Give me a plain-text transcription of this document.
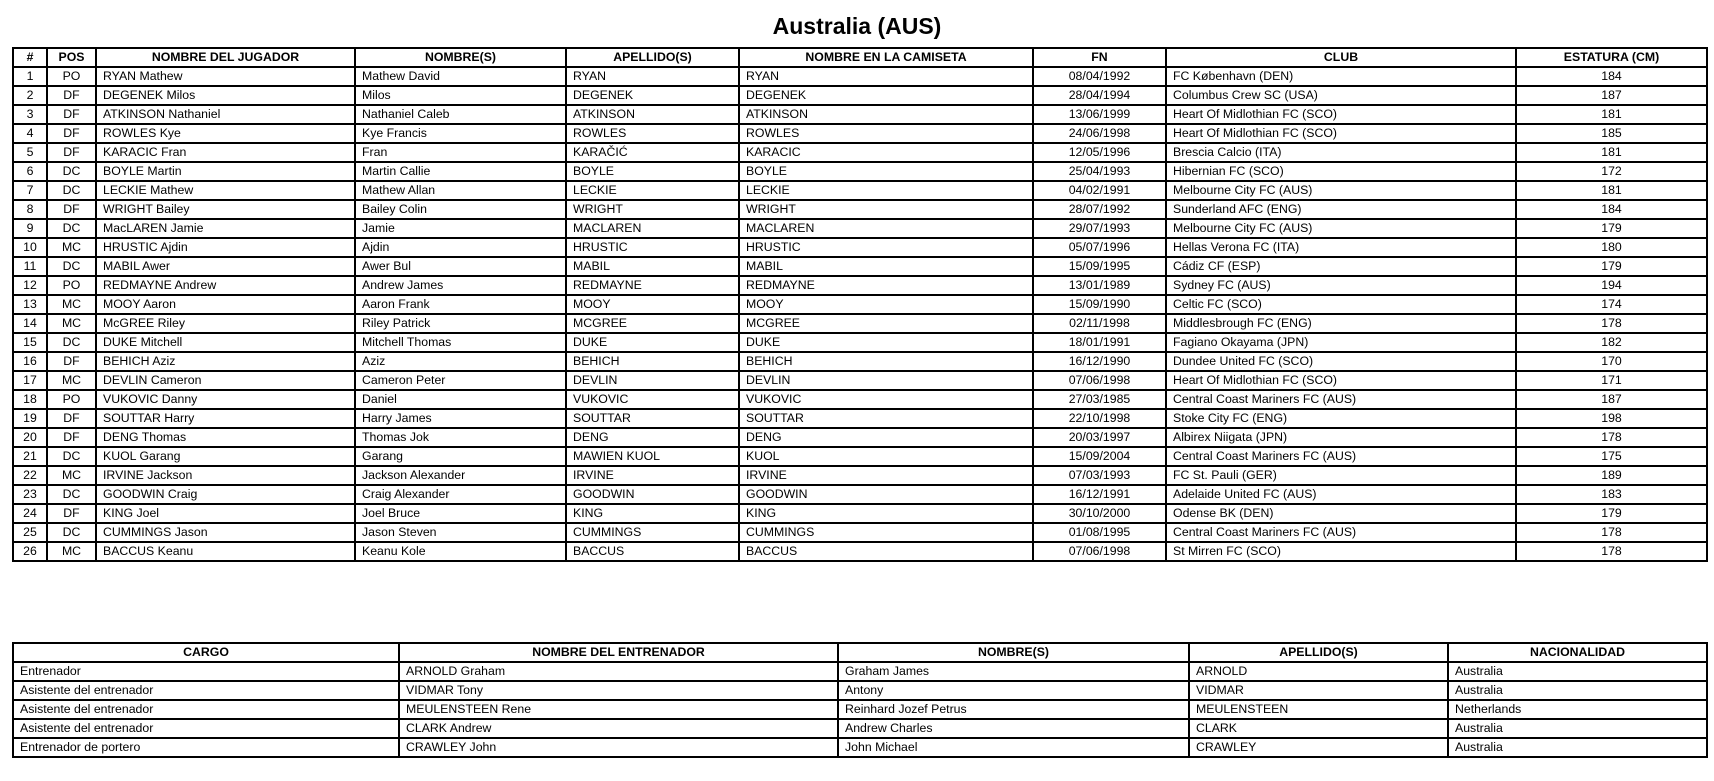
Australia (AUS)
#	POS	NOMBRE DEL JUGADOR	NOMBRE(S)	APELLIDO(S)	NOMBRE EN LA CAMISETA	FN	CLUB	ESTATURA (CM)
1	PO	RYAN Mathew	Mathew David	RYAN	RYAN	08/04/1992	FC København (DEN)	184
2	DF	DEGENEK Milos	Milos	DEGENEK	DEGENEK	28/04/1994	Columbus Crew SC (USA)	187
3	DF	ATKINSON Nathaniel	Nathaniel Caleb	ATKINSON	ATKINSON	13/06/1999	Heart Of Midlothian FC (SCO)	181
4	DF	ROWLES Kye	Kye Francis	ROWLES	ROWLES	24/06/1998	Heart Of Midlothian FC (SCO)	185
5	DF	KARACIC Fran	Fran	KARAČIĆ	KARACIC	12/05/1996	Brescia Calcio (ITA)	181
6	DC	BOYLE Martin	Martin Callie	BOYLE	BOYLE	25/04/1993	Hibernian FC (SCO)	172
7	DC	LECKIE Mathew	Mathew Allan	LECKIE	LECKIE	04/02/1991	Melbourne City FC (AUS)	181
8	DF	WRIGHT Bailey	Bailey Colin	WRIGHT	WRIGHT	28/07/1992	Sunderland AFC (ENG)	184
9	DC	MacLAREN Jamie	Jamie	MACLAREN	MACLAREN	29/07/1993	Melbourne City FC (AUS)	179
10	MC	HRUSTIC Ajdin	Ajdin	HRUSTIC	HRUSTIC	05/07/1996	Hellas Verona FC (ITA)	180
11	DC	MABIL Awer	Awer Bul	MABIL	MABIL	15/09/1995	Cádiz CF (ESP)	179
12	PO	REDMAYNE Andrew	Andrew James	REDMAYNE	REDMAYNE	13/01/1989	Sydney FC (AUS)	194
13	MC	MOOY Aaron	Aaron Frank	MOOY	MOOY	15/09/1990	Celtic FC (SCO)	174
14	MC	McGREE Riley	Riley Patrick	MCGREE	MCGREE	02/11/1998	Middlesbrough FC (ENG)	178
15	DC	DUKE Mitchell	Mitchell Thomas	DUKE	DUKE	18/01/1991	Fagiano Okayama (JPN)	182
16	DF	BEHICH Aziz	Aziz	BEHICH	BEHICH	16/12/1990	Dundee United FC (SCO)	170
17	MC	DEVLIN Cameron	Cameron Peter	DEVLIN	DEVLIN	07/06/1998	Heart Of Midlothian FC (SCO)	171
18	PO	VUKOVIC Danny	Daniel	VUKOVIC	VUKOVIC	27/03/1985	Central Coast Mariners FC (AUS)	187
19	DF	SOUTTAR Harry	Harry James	SOUTTAR	SOUTTAR	22/10/1998	Stoke City FC (ENG)	198
20	DF	DENG Thomas	Thomas Jok	DENG	DENG	20/03/1997	Albirex Niigata (JPN)	178
21	DC	KUOL Garang	Garang	MAWIEN KUOL	KUOL	15/09/2004	Central Coast Mariners FC (AUS)	175
22	MC	IRVINE Jackson	Jackson Alexander	IRVINE	IRVINE	07/03/1993	FC St. Pauli (GER)	189
23	DC	GOODWIN Craig	Craig Alexander	GOODWIN	GOODWIN	16/12/1991	Adelaide United FC (AUS)	183
24	DF	KING Joel	Joel Bruce	KING	KING	30/10/2000	Odense BK (DEN)	179
25	DC	CUMMINGS Jason	Jason Steven	CUMMINGS	CUMMINGS	01/08/1995	Central Coast Mariners FC (AUS)	178
26	MC	BACCUS Keanu	Keanu Kole	BACCUS	BACCUS	07/06/1998	St Mirren FC (SCO)	178
CARGO	NOMBRE DEL ENTRENADOR	NOMBRE(S)	APELLIDO(S)	NACIONALIDAD
Entrenador	ARNOLD Graham	Graham James	ARNOLD	Australia
Asistente del entrenador	VIDMAR Tony	Antony	VIDMAR	Australia
Asistente del entrenador	MEULENSTEEN Rene	Reinhard Jozef Petrus	MEULENSTEEN	Netherlands
Asistente del entrenador	CLARK Andrew	Andrew Charles	CLARK	Australia
Entrenador de portero	CRAWLEY John	John Michael	CRAWLEY	Australia
